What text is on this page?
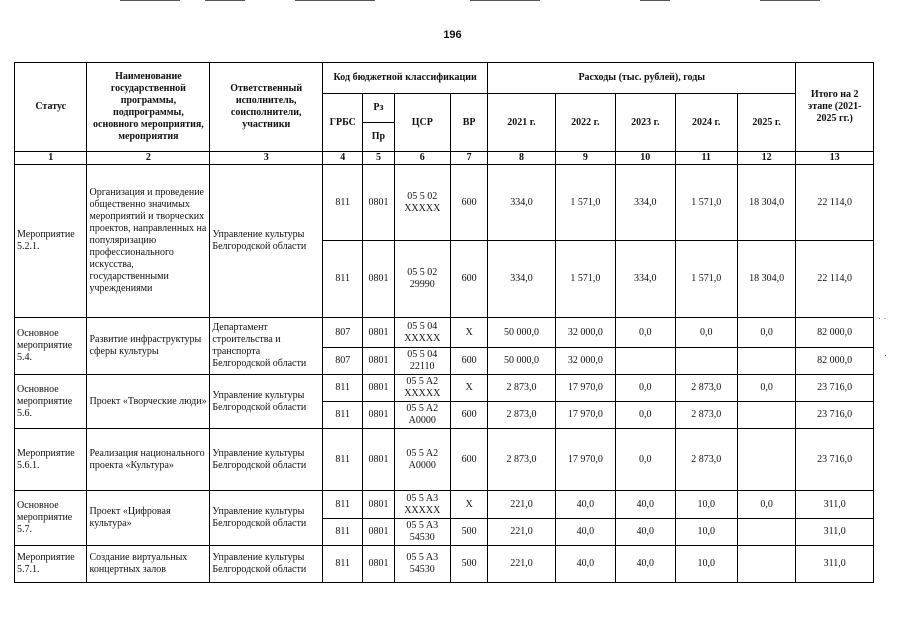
196
Статус	Наименование государственной программы, подпрограммы, основного мероприятия, мероприятия	Ответственный исполнитель, соисполнители, участники	Код бюджетной классификации				Расходы (тыс. рублей), годы					Итого на 2 этапе (2021-2025 гг.)
			ГРБС	Рз	ЦСР	ВР	2021 г.	2022 г.	2023 г.	2024 г.	2025 г.	
				Пр								
1	2	3	4	5	6	7	8	9	10	11	12	13
Мероприятие 5.2.1.	Организация и проведение общественно значимых мероприятий и творческих проектов, направленных на популяризацию профессионального искусства, государственными учреждениями	Управление культуры Белгородской области	811	0801	05 5 02 XXXXX	600	334,0	1 571,0	334,0	1 571,0	18 304,0	22 114,0
			811	0801	05 5 02 29990	600	334,0	1 571,0	334,0	1 571,0	18 304,0	22 114,0
Основное мероприятие 5.4.	Развитие инфраструктуры сферы культуры	Департамент строительства и транспорта Белгородской области	807	0801	05 5 04 XXXXX	Х	50 000,0	32 000,0	0,0	0,0	0,0	82 000,0
			807	0801	05 5 04 22110	600	50 000,0	32 000,0				82 000,0
Основное мероприятие 5.6.	Проект «Творческие люди»	Управление культуры Белгородской области	811	0801	05 5 A2 XXXXX	Х	2 873,0	17 970,0	0,0	2 873,0	0,0	23 716,0
			811	0801	05 5 A2 A0000	600	2 873,0	17 970,0	0,0	2 873,0		23 716,0
Мероприятие 5.6.1.	Реализация национального проекта «Культура»	Управление культуры Белгородской области	811	0801	05 5 A2 A0000	600	2 873,0	17 970,0	0,0	2 873,0		23 716,0
Основное мероприятие 5.7.	Проект «Цифровая культура»	Управление культуры Белгородской области	811	0801	05 5 A3 XXXXX	Х	221,0	40,0	40,0	10,0	0,0	311,0
			811	0801	05 5 A3 54530	500	221,0	40,0	40,0	10,0		311,0
Мероприятие 5.7.1.	Создание виртуальных концертных залов	Управление культуры Белгородской области	811	0801	05 5 A3 54530	500	221,0	40,0	40,0	10,0		311,0
· ·
·
